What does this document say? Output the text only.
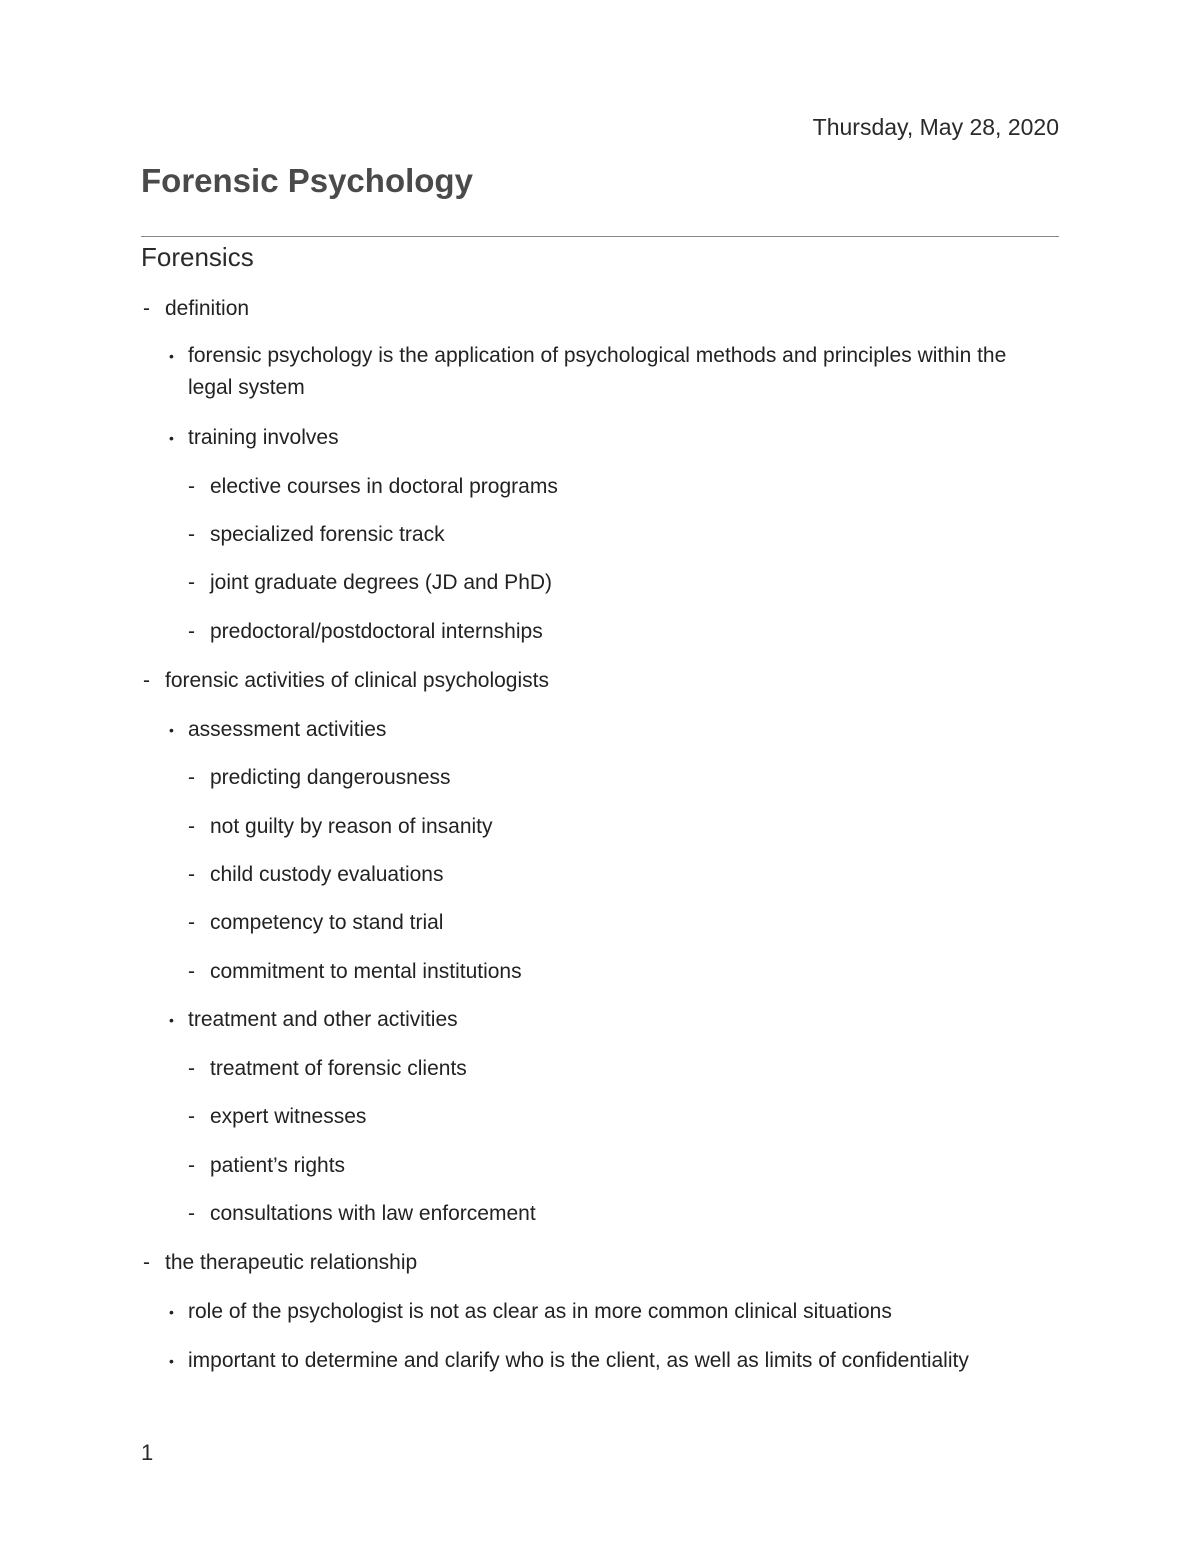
Thursday, May 28, 2020
Forensic Psychology
Forensics
- definition
• forensic psychology is the application of psychological methods and principles within the legal system
• training involves
- elective courses in doctoral programs
- specialized forensic track
- joint graduate degrees (JD and PhD)
- predoctoral/postdoctoral internships
- forensic activities of clinical psychologists
• assessment activities
- predicting dangerousness
- not guilty by reason of insanity
- child custody evaluations
- competency to stand trial
- commitment to mental institutions
• treatment and other activities
- treatment of forensic clients
- expert witnesses
- patient’s rights
- consultations with law enforcement
- the therapeutic relationship
• role of the psychologist is not as clear as in more common clinical situations
• important to determine and clarify who is the client, as well as limits of confidentiality
1
